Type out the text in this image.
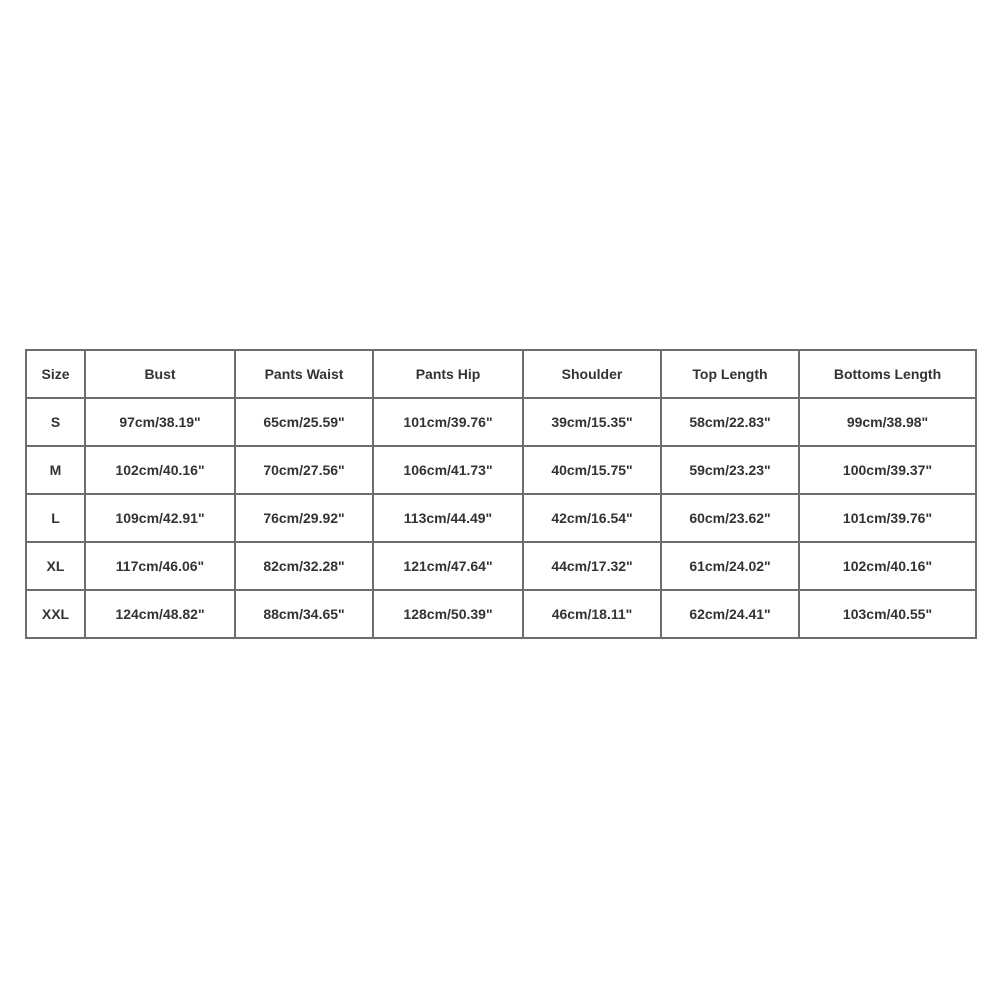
Size	Bust	Pants Waist	Pants Hip	Shoulder	Top Length	Bottoms Length
S	97cm/38.19"	65cm/25.59"	101cm/39.76"	39cm/15.35"	58cm/22.83"	99cm/38.98"
M	102cm/40.16"	70cm/27.56"	106cm/41.73"	40cm/15.75"	59cm/23.23"	100cm/39.37"
L	109cm/42.91"	76cm/29.92"	113cm/44.49"	42cm/16.54"	60cm/23.62"	101cm/39.76"
XL	117cm/46.06"	82cm/32.28"	121cm/47.64"	44cm/17.32"	61cm/24.02"	102cm/40.16"
XXL	124cm/48.82"	88cm/34.65"	128cm/50.39"	46cm/18.11"	62cm/24.41"	103cm/40.55"
